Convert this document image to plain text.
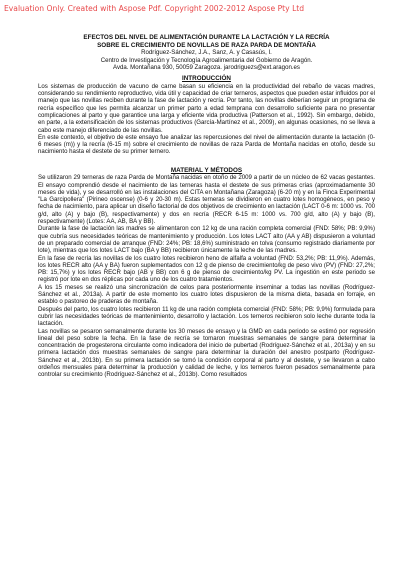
Evaluation Only. Created with Aspose Pdf. Copyright 2002-2012 Aspose Pty Ltd
EFECTOS DEL NIVEL DE ALIMENTACIÓN DURANTE LA LACTACIÓN Y LA RECRÍA
SOBRE EL CRECIMIENTO DE NOVILLAS DE RAZA PARDA DE MONTAÑA
Rodríguez-Sánchez, J.A., Sanz, A. y Casasús, I.
Centro de Investigación y Tecnología Agroalimentaria del Gobierno de Aragón.
Avda. Montañana 930, 50059 Zaragoza. jarodriguezs@ext.aragon.es
INTRODUCCIÓN

Los sistemas de producción de vacuno de carne basan su eficiencia en la productividad del rebaño de vacas madres, considerando su rendimiento reproductivo, vida útil y capacidad de criar terneros, aspectos que pueden estar influidos por el manejo que las novillas reciben durante la fase de lactación y recría. Por tanto, las novillas deberían seguir un programa de recría específico que les permita alcanzar un primer parto a edad temprana con desarrollo suficiente para no presentar complicaciones al parto y que garantice una larga y eficiente vida productiva (Patterson et al., 1992). Sin embargo, debido, en parte, a la extensificación de los sistemas productivos (García-Martínez et al., 2009), en algunas ocasiones, no se lleva a cabo este manejo diferenciado de las novillas.

En este contexto, el objetivo de este ensayo fue analizar las repercusiones del nivel de alimentación durante la lactación (0-6 meses (m)) y la recría (6-15 m) sobre el crecimiento de novillas de raza Parda de Montaña nacidas en otoño, desde su nacimiento hasta el destete de su primer ternero.

MATERIAL Y MÉTODOS

Se utilizaron 29 terneras de raza Parda de Montaña nacidas en otoño de 2009 a partir de un núcleo de 62 vacas gestantes. El ensayo comprendió desde el nacimiento de las terneras hasta el destete de sus primeras crías (aproximadamente 30 meses de vida), y se desarrolló en las instalaciones del CITA en Montañana (Zaragoza) (6-20 m) y en la Finca Experimental "La Garcipollera" (Pirineo oscense) (0-6 y 20-30 m). Estas terneras se dividieron en cuatro lotes homogéneos, en peso y fecha de nacimiento, para aplicar un diseño factorial de dos objetivos de crecimiento en lactación (LACT 0-6 m: 1000 vs. 700 g/d, alto (A) y bajo (B), respectivamente) y dos en recría (RECR 6-15 m: 1000 vs. 700 g/d, alto (A) y bajo (B), respectivamente) (Lotes: AA, AB, BA y BB).

Durante la fase de lactación las madres se alimentaron con 12 kg de una ración completa comercial (FND: 58%; PB: 9,9%) que cubría sus necesidades teóricas de mantenimiento y producción. Los lotes LACT alto (AA y AB) dispusieron a voluntad de un preparado comercial de arranque (FND: 24%; PB: 18,6%) suministrado en tolva (consumo registrado diariamente por lote), mientras que los lotes LACT bajo (BA y BB) recibieron únicamente la leche de las madres.

En la fase de recría las novillas de los cuatro lotes recibieron heno de alfalfa a voluntad (FND: 53,2%; PB: 11,9%). Además, los lotes RECR alto (AA y BA) fueron suplementados con 12 g de pienso de crecimiento/kg de peso vivo (PV) (FND: 27,2%; PB: 15,7%) y los lotes RECR bajo (AB y BB) con 6 g de pienso de crecimiento/kg PV. La ingestión en este periodo se registró por lote en dos réplicas por cada uno de los cuatro tratamientos.

A los 15 meses se realizó una sincronización de celos para posteriormente inseminar a todas las novillas (Rodríguez-Sánchez et al., 2013a). A partir de este momento los cuatro lotes dispusieron de la misma dieta, basada en forraje, en establo o pastoreo de praderas de montaña.

Después del parto, los cuatro lotes recibieron 11 kg de una ración completa comercial (FND: 58%; PB: 9,9%) formulada para cubrir las necesidades teóricas de mantenimiento, desarrollo y lactación. Los terneros recibieron solo leche durante toda la lactación.

Las novillas se pesaron semanalmente durante los 30 meses de ensayo y la GMD en cada periodo se estimó por regresión lineal del peso sobre la fecha. En la fase de recría se tomaron muestras semanales de sangre para determinar la concentración de progesterona circulante como indicadora del inicio de pubertad (Rodríguez-Sánchez et al., 2013a) y en su primera lactación dos muestras semanales de sangre para determinar la duración del anestro postparto (Rodríguez-Sánchez et al., 2013b). En su primera lactación se tomó la condición corporal al parto y al destete, y se llevaron a cabo ordeños mensuales para determinar la producción y calidad de leche, y los terneros fueron pesados semanalmente para controlar su crecimiento (Rodríguez-Sánchez et al., 2013b). Como resultados
